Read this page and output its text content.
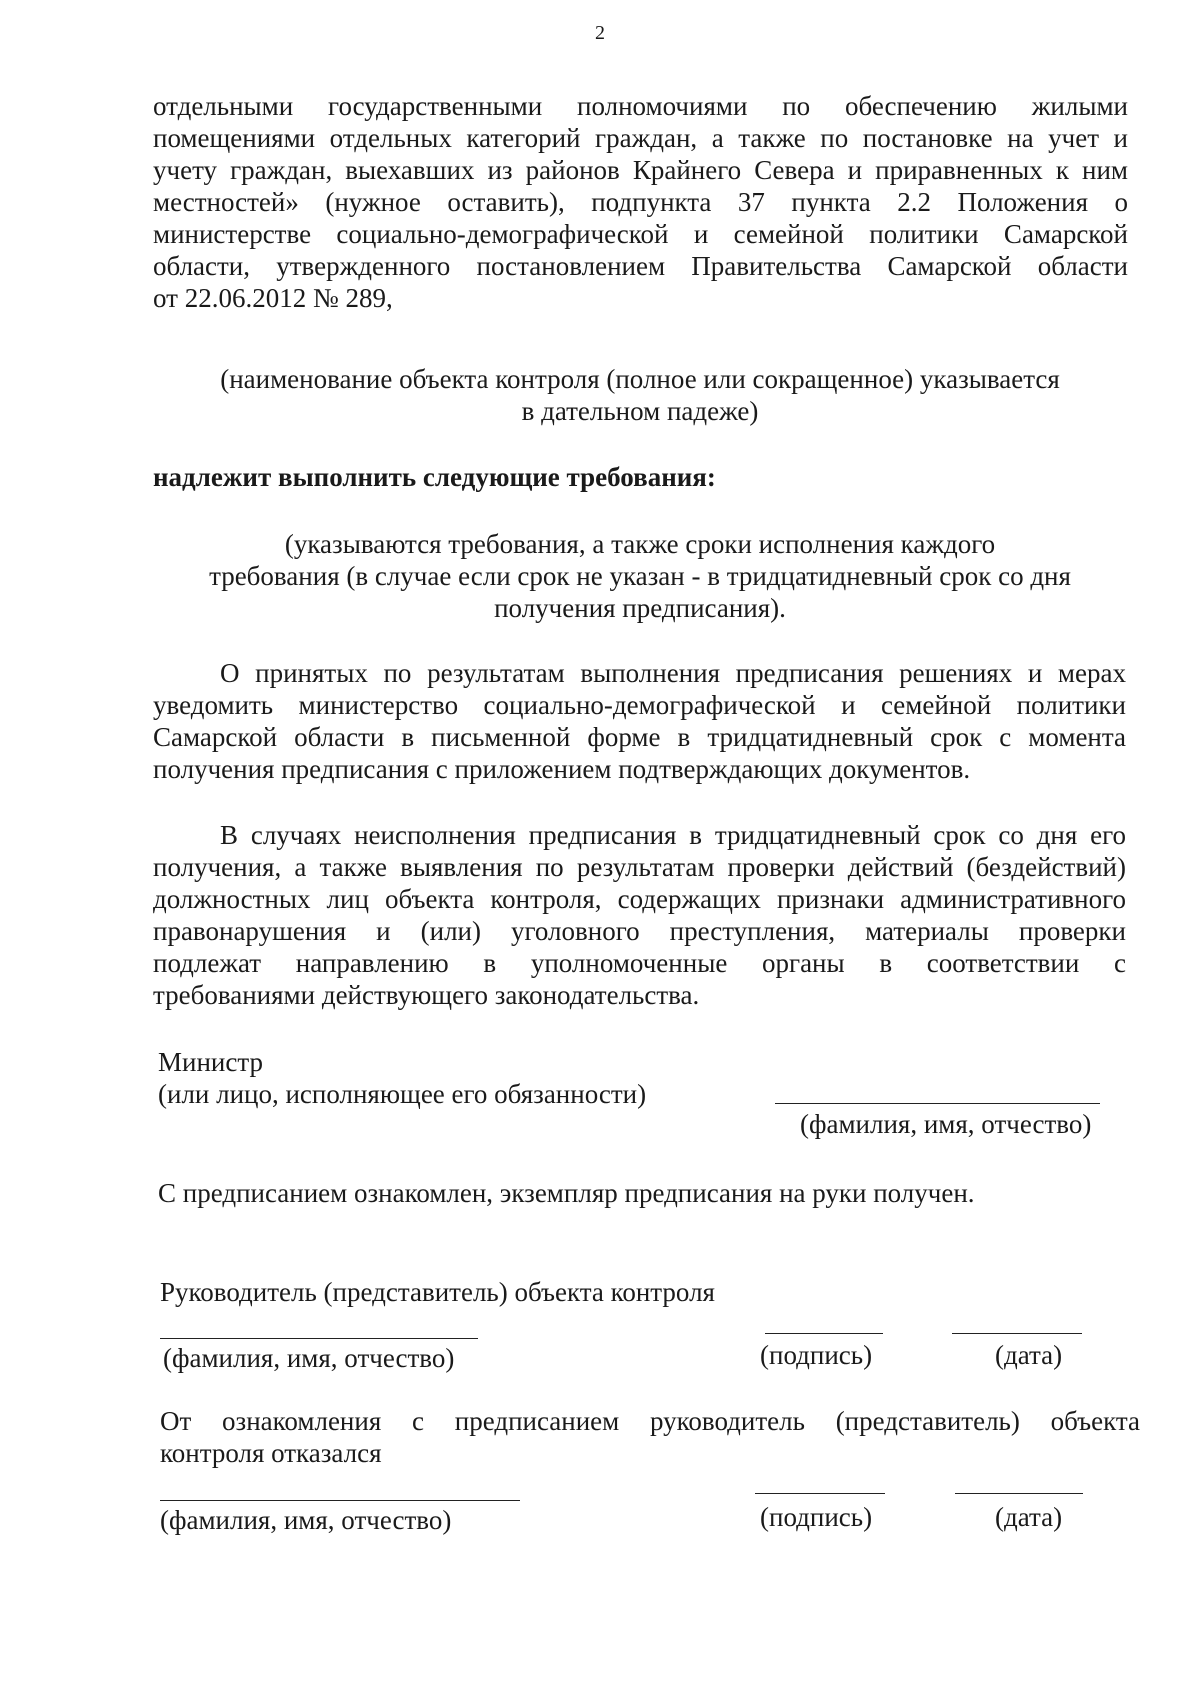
2
отдельными государственными полномочиями по обеспечению жилыми
помещениями отдельных категорий граждан, а также по постановке на учет и
учету граждан, выехавших из районов Крайнего Севера и приравненных к ним
местностей» (нужное оставить), подпункта 37 пункта 2.2 Положения о
министерстве социально-демографической и семейной политики Самарской
области, утвержденного постановлением Правительства Самарской области
от 22.06.2012 № 289,
(наименование объекта контроля (полное или сокращенное) указывается
в дательном падеже)
надлежит выполнить следующие требования:
(указываются требования, а также сроки исполнения каждого
требования (в случае если срок не указан - в тридцатидневный срок со дня
получения предписания).
О принятых по результатам выполнения предписания решениях и мерах
уведомить министерство социально-демографической и семейной политики
Самарской области в письменной форме в тридцатидневный срок с момента
получения предписания с приложением подтверждающих документов.
В случаях неисполнения предписания в тридцатидневный срок со дня его
получения, а также выявления по результатам проверки действий (бездействий)
должностных лиц объекта контроля, содержащих признаки административного
правонарушения и (или) уголовного преступления, материалы проверки
подлежат направлению в уполномоченные органы в соответствии с
требованиями действующего законодательства.
Министр
(или лицо, исполняющее его обязанности)
(фамилия, имя, отчество)
С предписанием ознакомлен, экземпляр предписания на руки получен.
Руководитель (представитель) объекта контроля
(фамилия, имя, отчество)	(подпись)	(дата)
От ознакомления с предписанием руководитель (представитель) объекта
контроля отказался
(фамилия, имя, отчество)	(подпись)	(дата)
